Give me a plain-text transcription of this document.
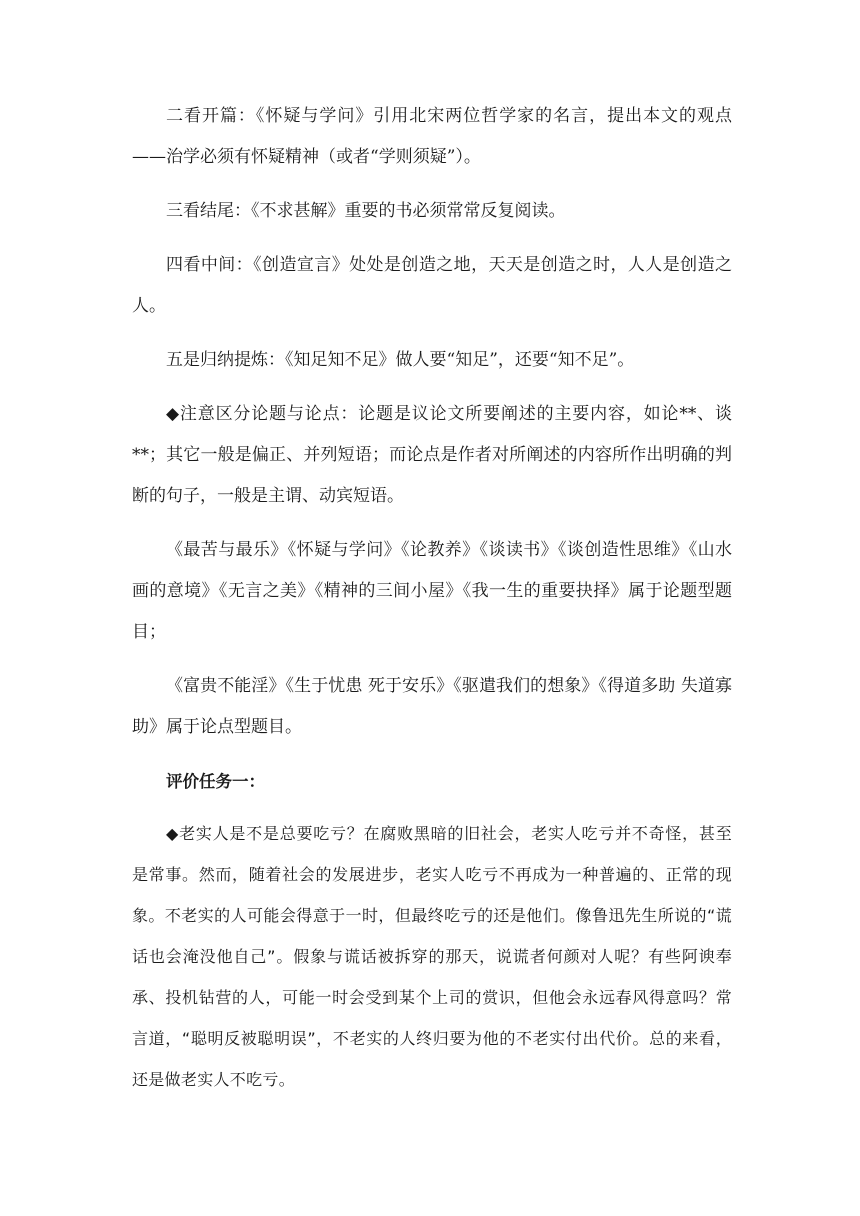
二看开篇：《怀疑与学问》引用北宋两位哲学家的名言，提出本文的观点——治学必须有怀疑精神（或者“学则须疑”）。

三看结尾：《不求甚解》重要的书必须常常反复阅读。

四看中间：《创造宣言》处处是创造之地，天天是创造之时，人人是创造之人。

五是归纳提炼：《知足知不足》做人要“知足”，还要“知不足”。

◆注意区分论题与论点：论题是议论文所要阐述的主要内容，如论**、谈**；其它一般是偏正、并列短语；而论点是作者对所阐述的内容所作出明确的判断的句子，一般是主谓、动宾短语。

《最苦与最乐》《怀疑与学问》《论教养》《谈读书》《谈创造性思维》《山水画的意境》《无言之美》《精神的三间小屋》《我一生的重要抉择》属于论题型题目；

《富贵不能淫》《生于忧患 死于安乐》《驱遣我们的想象》《得道多助 失道寡助》属于论点型题目。

评价任务一：

◆老实人是不是总要吃亏？在腐败黑暗的旧社会，老实人吃亏并不奇怪，甚至是常事。然而，随着社会的发展进步，老实人吃亏不再成为一种普遍的、正常的现象。不老实的人可能会得意于一时，但最终吃亏的还是他们。像鲁迅先生所说的“谎话也会淹没他自己”。假象与谎话被拆穿的那天，说谎者何颜对人呢？有些阿谀奉承、投机钻营的人，可能一时会受到某个上司的赏识，但他会永远春风得意吗？常言道，“聪明反被聪明误”，不老实的人终归要为他的不老实付出代价。总的来看，还是做老实人不吃亏。
